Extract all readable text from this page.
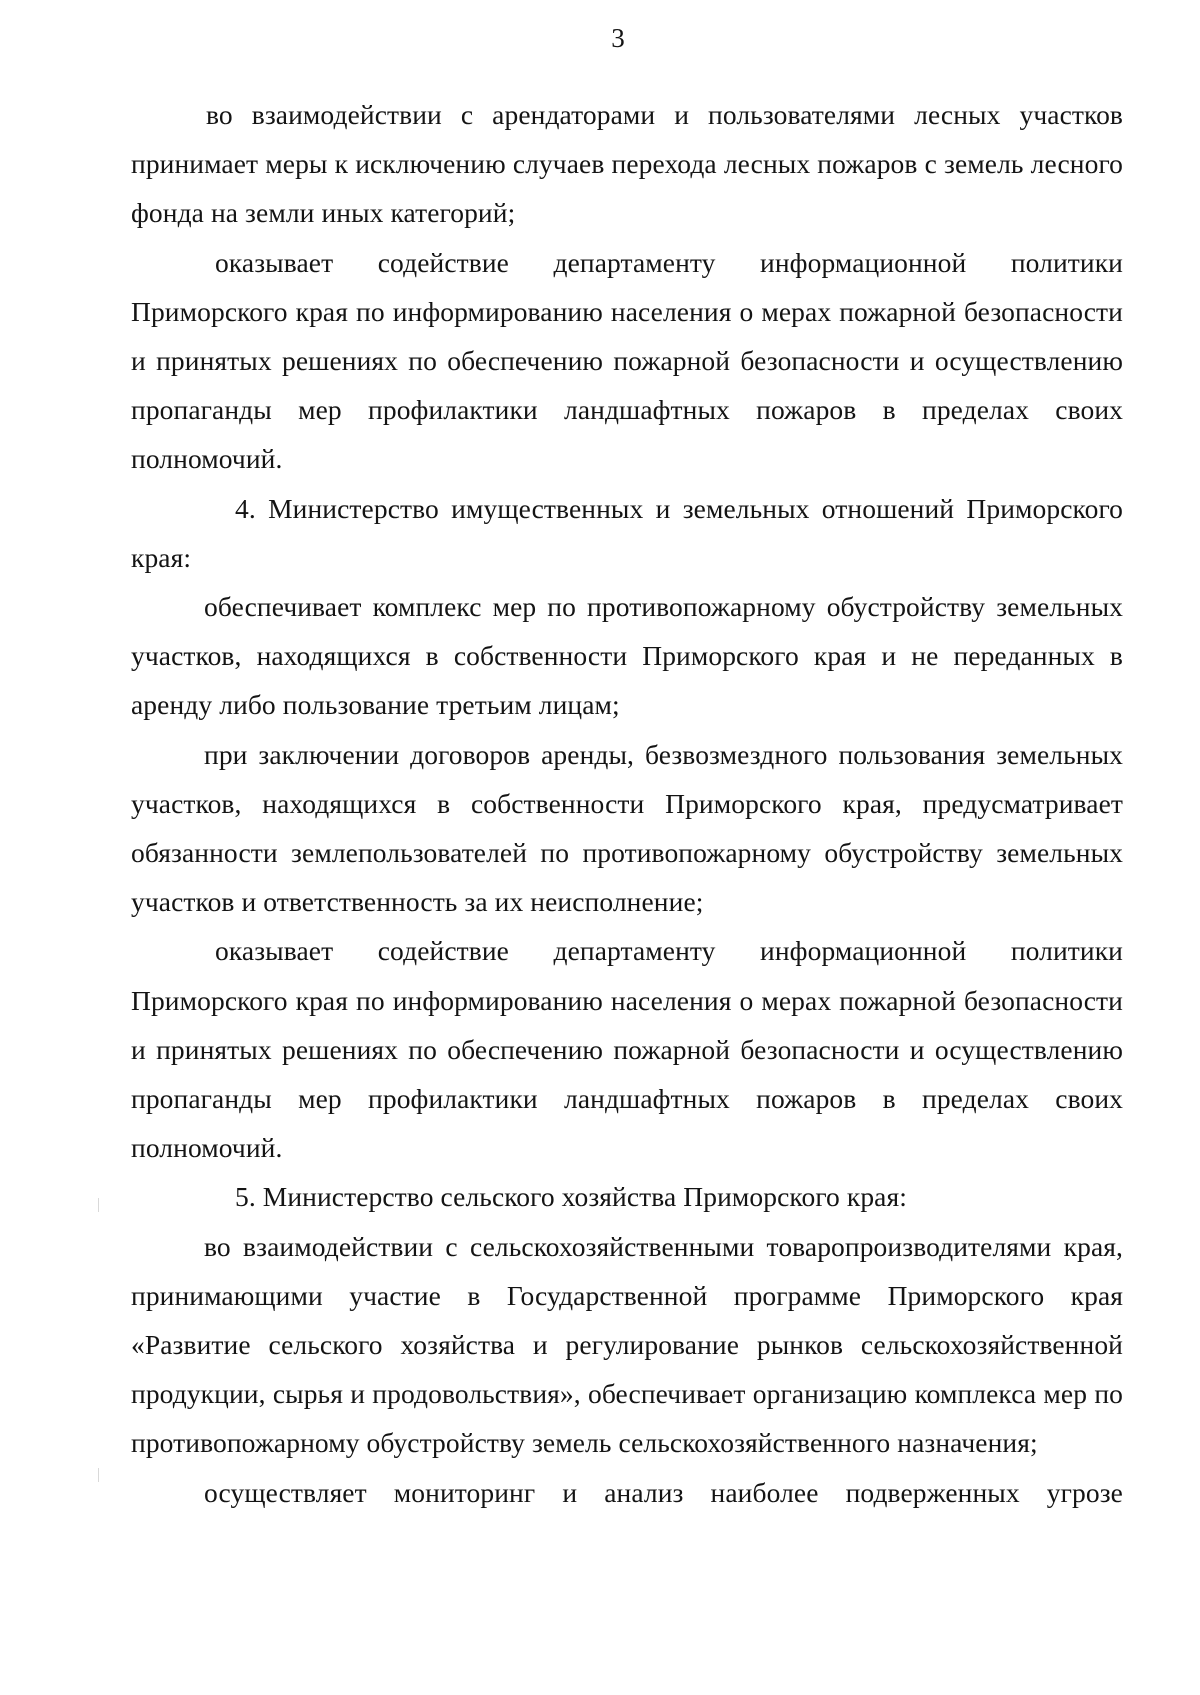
3

во взаимодействии с арендаторами и пользователями лесных участков принимает меры к исключению случаев перехода лесных пожаров с земель лесного фонда на земли иных категорий;

оказывает содействие департаменту информационной политики Приморского края по информированию населения о мерах пожарной безопасности и принятых решениях по обеспечению пожарной безопасности и осуществлению пропаганды мер профилактики ландшафтных пожаров в пределах своих полномочий.

4. Министерство имущественных и земельных отношений Приморского края:

обеспечивает комплекс мер по противопожарному обустройству земельных участков, находящихся в собственности Приморского края и не переданных в аренду либо пользование третьим лицам;

при заключении договоров аренды, безвозмездного пользования земельных участков, находящихся в собственности Приморского края, предусматривает обязанности землепользователей по противопожарному обустройству земельных участков и ответственность за их неисполнение;

оказывает содействие департаменту информационной политики Приморского края по информированию населения о мерах пожарной безопасности и принятых решениях по обеспечению пожарной безопасности и осуществлению пропаганды мер профилактики ландшафтных пожаров в пределах своих полномочий.

5. Министерство сельского хозяйства Приморского края:

во взаимодействии с сельскохозяйственными товаропроизводителями края, принимающими участие в Государственной программе Приморского края «Развитие сельского хозяйства и регулирование рынков сельскохозяйственной продукции, сырья и продовольствия», обеспечивает организацию комплекса мер по противопожарному обустройству земель сельскохозяйственного назначения;

осуществляет мониторинг и анализ наиболее подверженных угрозе
